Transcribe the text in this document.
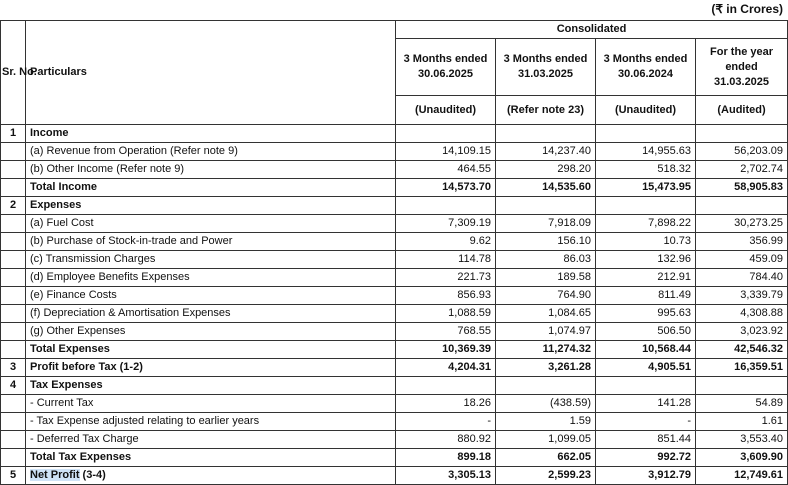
(₹ in Crores)
Sr. No.	Particulars	Consolidated			
		3 Months ended 30.06.2025	3 Months ended 31.03.2025	3 Months ended 30.06.2024	For the year ended 31.03.2025
		(Unaudited)	(Refer note 23)	(Unaudited)	(Audited)
1	Income				
	(a) Revenue from Operation (Refer note 9)	14,109.15	14,237.40	14,955.63	56,203.09
	(b) Other Income (Refer note 9)	464.55	298.20	518.32	2,702.74
	Total Income	14,573.70	14,535.60	15,473.95	58,905.83
2	Expenses				
	(a) Fuel Cost	7,309.19	7,918.09	7,898.22	30,273.25
	(b) Purchase of Stock-in-trade and Power	9.62	156.10	10.73	356.99
	(c) Transmission Charges	114.78	86.03	132.96	459.09
	(d) Employee Benefits Expenses	221.73	189.58	212.91	784.40
	(e) Finance Costs	856.93	764.90	811.49	3,339.79
	(f) Depreciation & Amortisation Expenses	1,088.59	1,084.65	995.63	4,308.88
	(g) Other Expenses	768.55	1,074.97	506.50	3,023.92
	Total Expenses	10,369.39	11,274.32	10,568.44	42,546.32
3	Profit before Tax (1-2)	4,204.31	3,261.28	4,905.51	16,359.51
4	Tax Expenses				
	- Current Tax	18.26	(438.59)	141.28	54.89
	- Tax Expense adjusted relating to earlier years	-	1.59	-	1.61
	- Deferred Tax Charge	880.92	1,099.05	851.44	3,553.40
	Total Tax Expenses	899.18	662.05	992.72	3,609.90
5	Net Profit (3-4)	3,305.13	2,599.23	3,912.79	12,749.61
